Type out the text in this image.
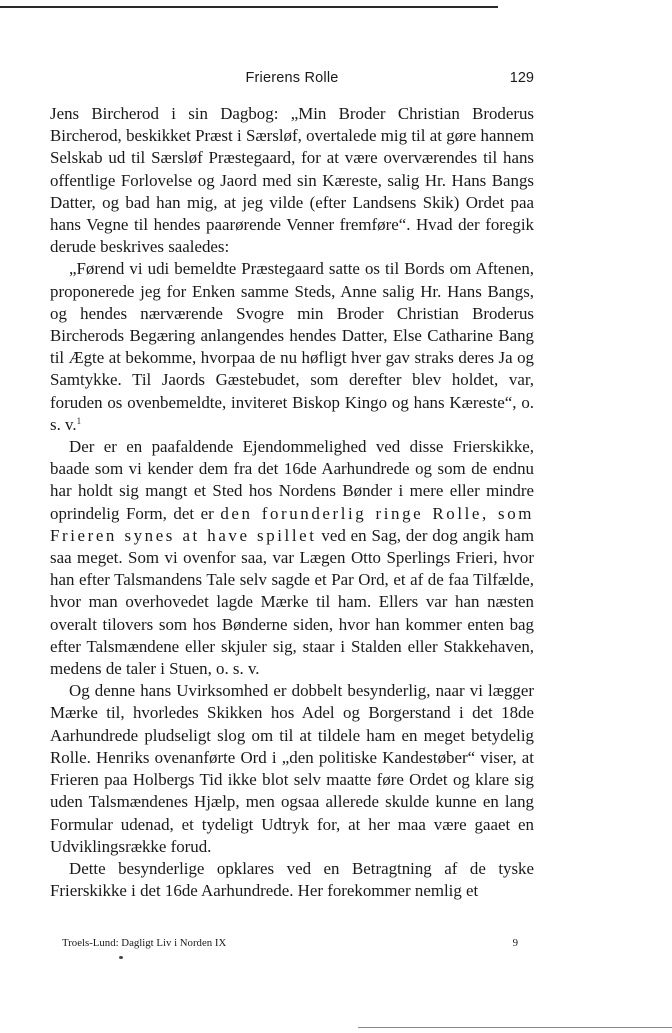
Frierens Rolle	129

Jens Bircherod i sin Dagbog: „Min Broder Christian Broderus Bircherod, beskikket Præst i Særsløf, overtalede mig til at gøre hannem Selskab ud til Særsløf Præstegaard, for at være overværendes til hans offentlige Forlovelse og Jaord med sin Kæreste, salig Hr. Hans Bangs Datter, og bad han mig, at jeg vilde (efter Landsens Skik) Ordet paa hans Vegne til hendes paarørende Venner fremføre“. Hvad der foregik derude beskrives saaledes:

„Førend vi udi bemeldte Præstegaard satte os til Bords om Aftenen, proponerede jeg for Enken samme Steds, Anne salig Hr. Hans Bangs, og hendes nærværende Svogre min Broder Christian Broderus Bircherods Begæring anlangendes hendes Datter, Else Catharine Bang til Ægte at bekomme, hvorpaa de nu høfligt hver gav straks deres Ja og Samtykke. Til Jaords Gæstebudet, som derefter blev holdet, var, foruden os ovenbemeldte, inviteret Biskop Kingo og hans Kæreste“, o. s. v.$^1$

Der er en paafaldende Ejendommelighed ved disse Frierskikke, baade som vi kender dem fra det 16de Aarhundrede og som de endnu har holdt sig mangt et Sted hos Nordens Bønder i mere eller mindre oprindelig Form, det er den forunderlig ringe Rolle, som Frieren synes at have spillet ved en Sag, der dog angik ham saa meget. Som vi ovenfor saa, var Lægen Otto Sperlings Frieri, hvor han efter Talsmandens Tale selv sagde et Par Ord, et af de faa Tilfælde, hvor man overhovedet lagde Mærke til ham. Ellers var han næsten overalt tilovers som hos Bønderne siden, hvor han kommer enten bag efter Talsmændene eller skjuler sig, staar i Stalden eller Stakkehaven, medens de taler i Stuen, o. s. v.

Og denne hans Uvirksomhed er dobbelt besynderlig, naar vi lægger Mærke til, hvorledes Skikken hos Adel og Borgerstand i det 18de Aarhundrede pludseligt slog om til at tildele ham en meget betydelig Rolle. Henriks ovenanførte Ord i „den politiske Kandestøber“ viser, at Frieren paa Holbergs Tid ikke blot selv maatte føre Ordet og klare sig uden Talsmændenes Hjælp, men ogsaa allerede skulde kunne en lang Formular udenad, et tydeligt Udtryk for, at her maa være gaaet en Udviklingsrække forud.

Dette besynderlige opklares ved en Betragtning af de tyske Frierskikke i det 16de Aarhundrede. Her forekommer nemlig et

Troels-Lund: Dagligt Liv i Norden IX	9
